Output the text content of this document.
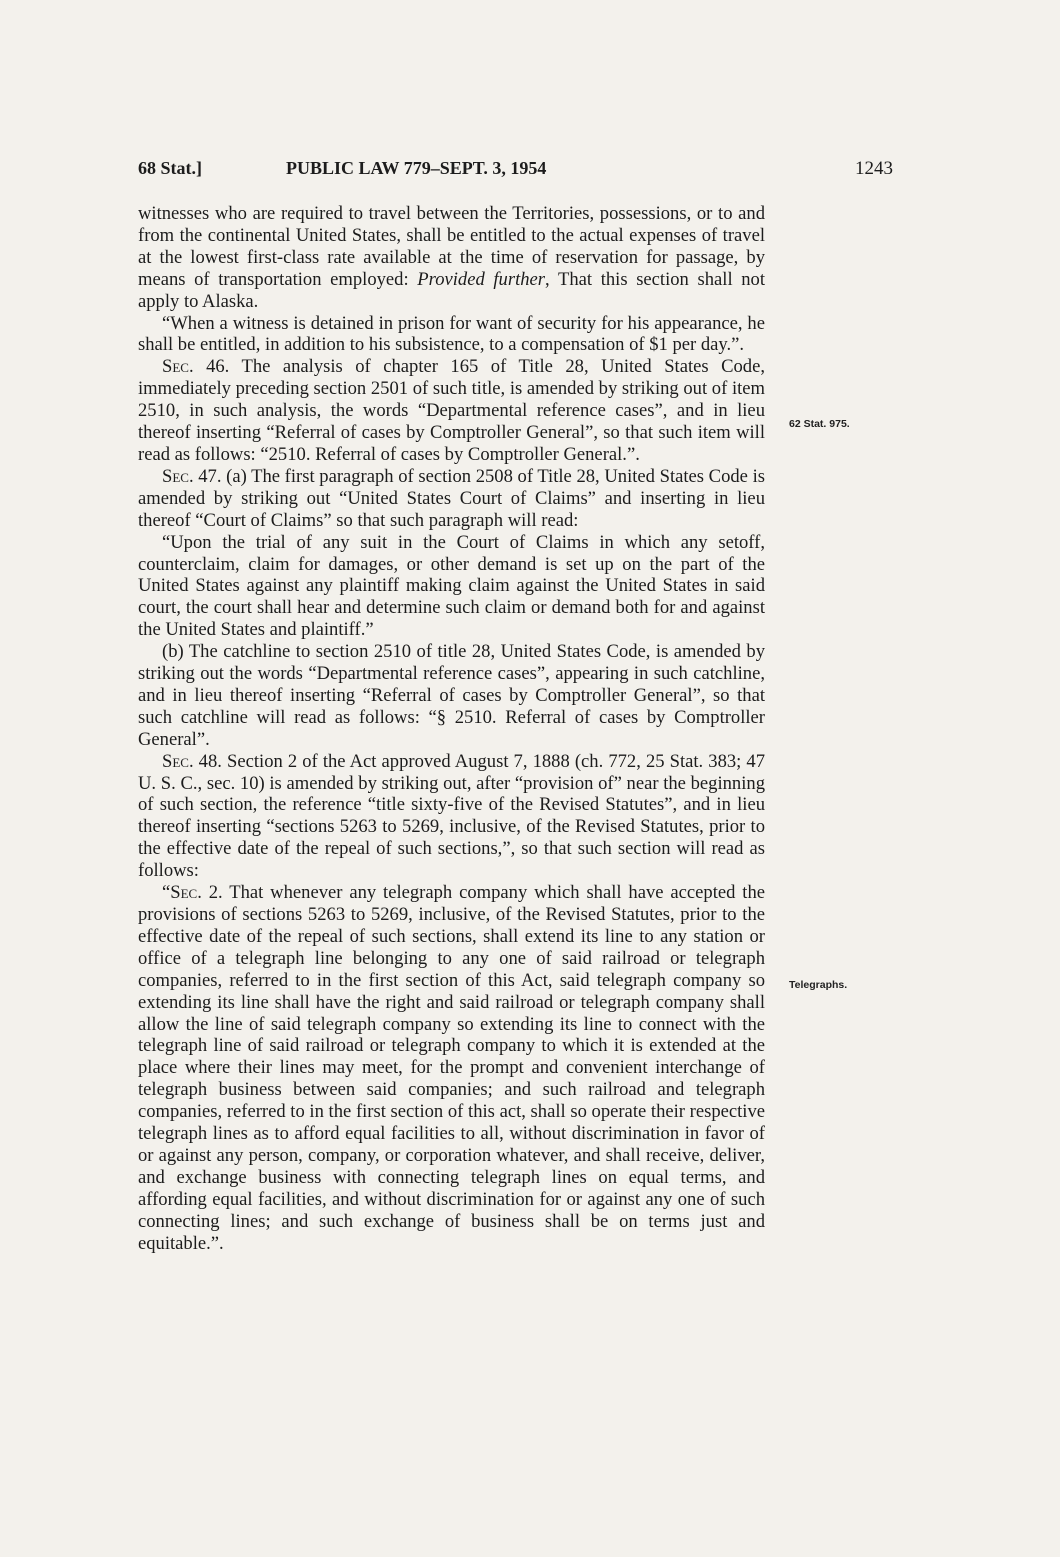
68 Stat.]	PUBLIC LAW 779–SEPT. 3, 1954	1243

witnesses who are required to travel between the Territories, possessions, or to and from the continental United States, shall be entitled to the actual expenses of travel at the lowest first-class rate available at the time of reservation for passage, by means of transportation employed: Provided further, That this section shall not apply to Alaska.

“When a witness is detained in prison for want of security for his appearance, he shall be entitled, in addition to his subsistence, to a compensation of $1 per day.”.

Sec. 46. The analysis of chapter 165 of Title 28, United States Code, immediately preceding section 2501 of such title, is amended by striking out of item 2510, in such analysis, the words “Departmental reference cases”, and in lieu thereof inserting “Referral of cases by Comptroller General”, so that such item will read as follows: “2510. Referral of cases by Comptroller General.”.

Sec. 47. (a) The first paragraph of section 2508 of Title 28, United States Code is amended by striking out “United States Court of Claims” and inserting in lieu thereof “Court of Claims” so that such paragraph will read:

“Upon the trial of any suit in the Court of Claims in which any setoff, counterclaim, claim for damages, or other demand is set up on the part of the United States against any plaintiff making claim against the United States in said court, the court shall hear and determine such claim or demand both for and against the United States and plaintiff.”

(b) The catchline to section 2510 of title 28, United States Code, is amended by striking out the words “Departmental reference cases”, appearing in such catchline, and in lieu thereof inserting “Referral of cases by Comptroller General”, so that such catchline will read as follows: “§ 2510. Referral of cases by Comptroller General”.

Sec. 48. Section 2 of the Act approved August 7, 1888 (ch. 772, 25 Stat. 383; 47 U. S. C., sec. 10) is amended by striking out, after “provision of” near the beginning of such section, the reference “title sixty-five of the Revised Statutes”, and in lieu thereof inserting “sections 5263 to 5269, inclusive, of the Revised Statutes, prior to the effective date of the repeal of such sections,”, so that such section will read as follows:

“Sec. 2. That whenever any telegraph company which shall have accepted the provisions of sections 5263 to 5269, inclusive, of the Revised Statutes, prior to the effective date of the repeal of such sections, shall extend its line to any station or office of a telegraph line belonging to any one of said railroad or telegraph companies, referred to in the first section of this Act, said telegraph company so extending its line shall have the right and said railroad or telegraph company shall allow the line of said telegraph company so extending its line to connect with the telegraph line of said railroad or telegraph company to which it is extended at the place where their lines may meet, for the prompt and convenient interchange of telegraph business between said companies; and such railroad and telegraph companies, referred to in the first section of this act, shall so operate their respective telegraph lines as to afford equal facilities to all, without discrimination in favor of or against any person, company, or corporation whatever, and shall receive, deliver, and exchange business with connecting telegraph lines on equal terms, and affording equal facilities, and without discrimination for or against any one of such connecting lines; and such exchange of business shall be on terms just and equitable.”.

62 Stat. 975.
Telegraphs.
